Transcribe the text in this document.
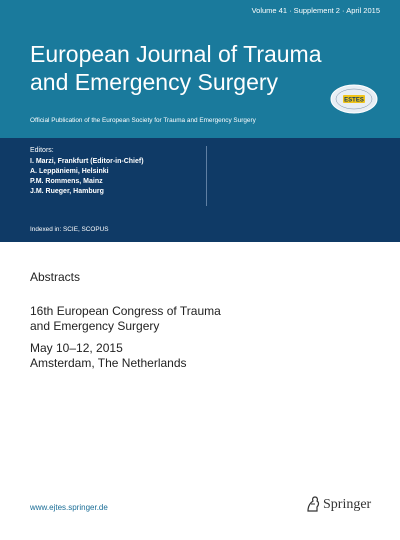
Volume 41 · Supplement 2 · April 2015
European Journal of Trauma
and Emergency Surgery
ESTES
Official Publication of the European Society for Trauma and Emergency Surgery
Editors:
I. Marzi, Frankfurt (Editor-in-Chief)
A. Leppäniemi, Helsinki
P.M. Rommens, Mainz
J.M. Rueger, Hamburg
Indexed in: SCIE, SCOPUS
Abstracts
16th European Congress of Trauma
and Emergency Surgery
May 10–12, 2015
Amsterdam, The Netherlands
www.ejtes.springer.de	Springer
